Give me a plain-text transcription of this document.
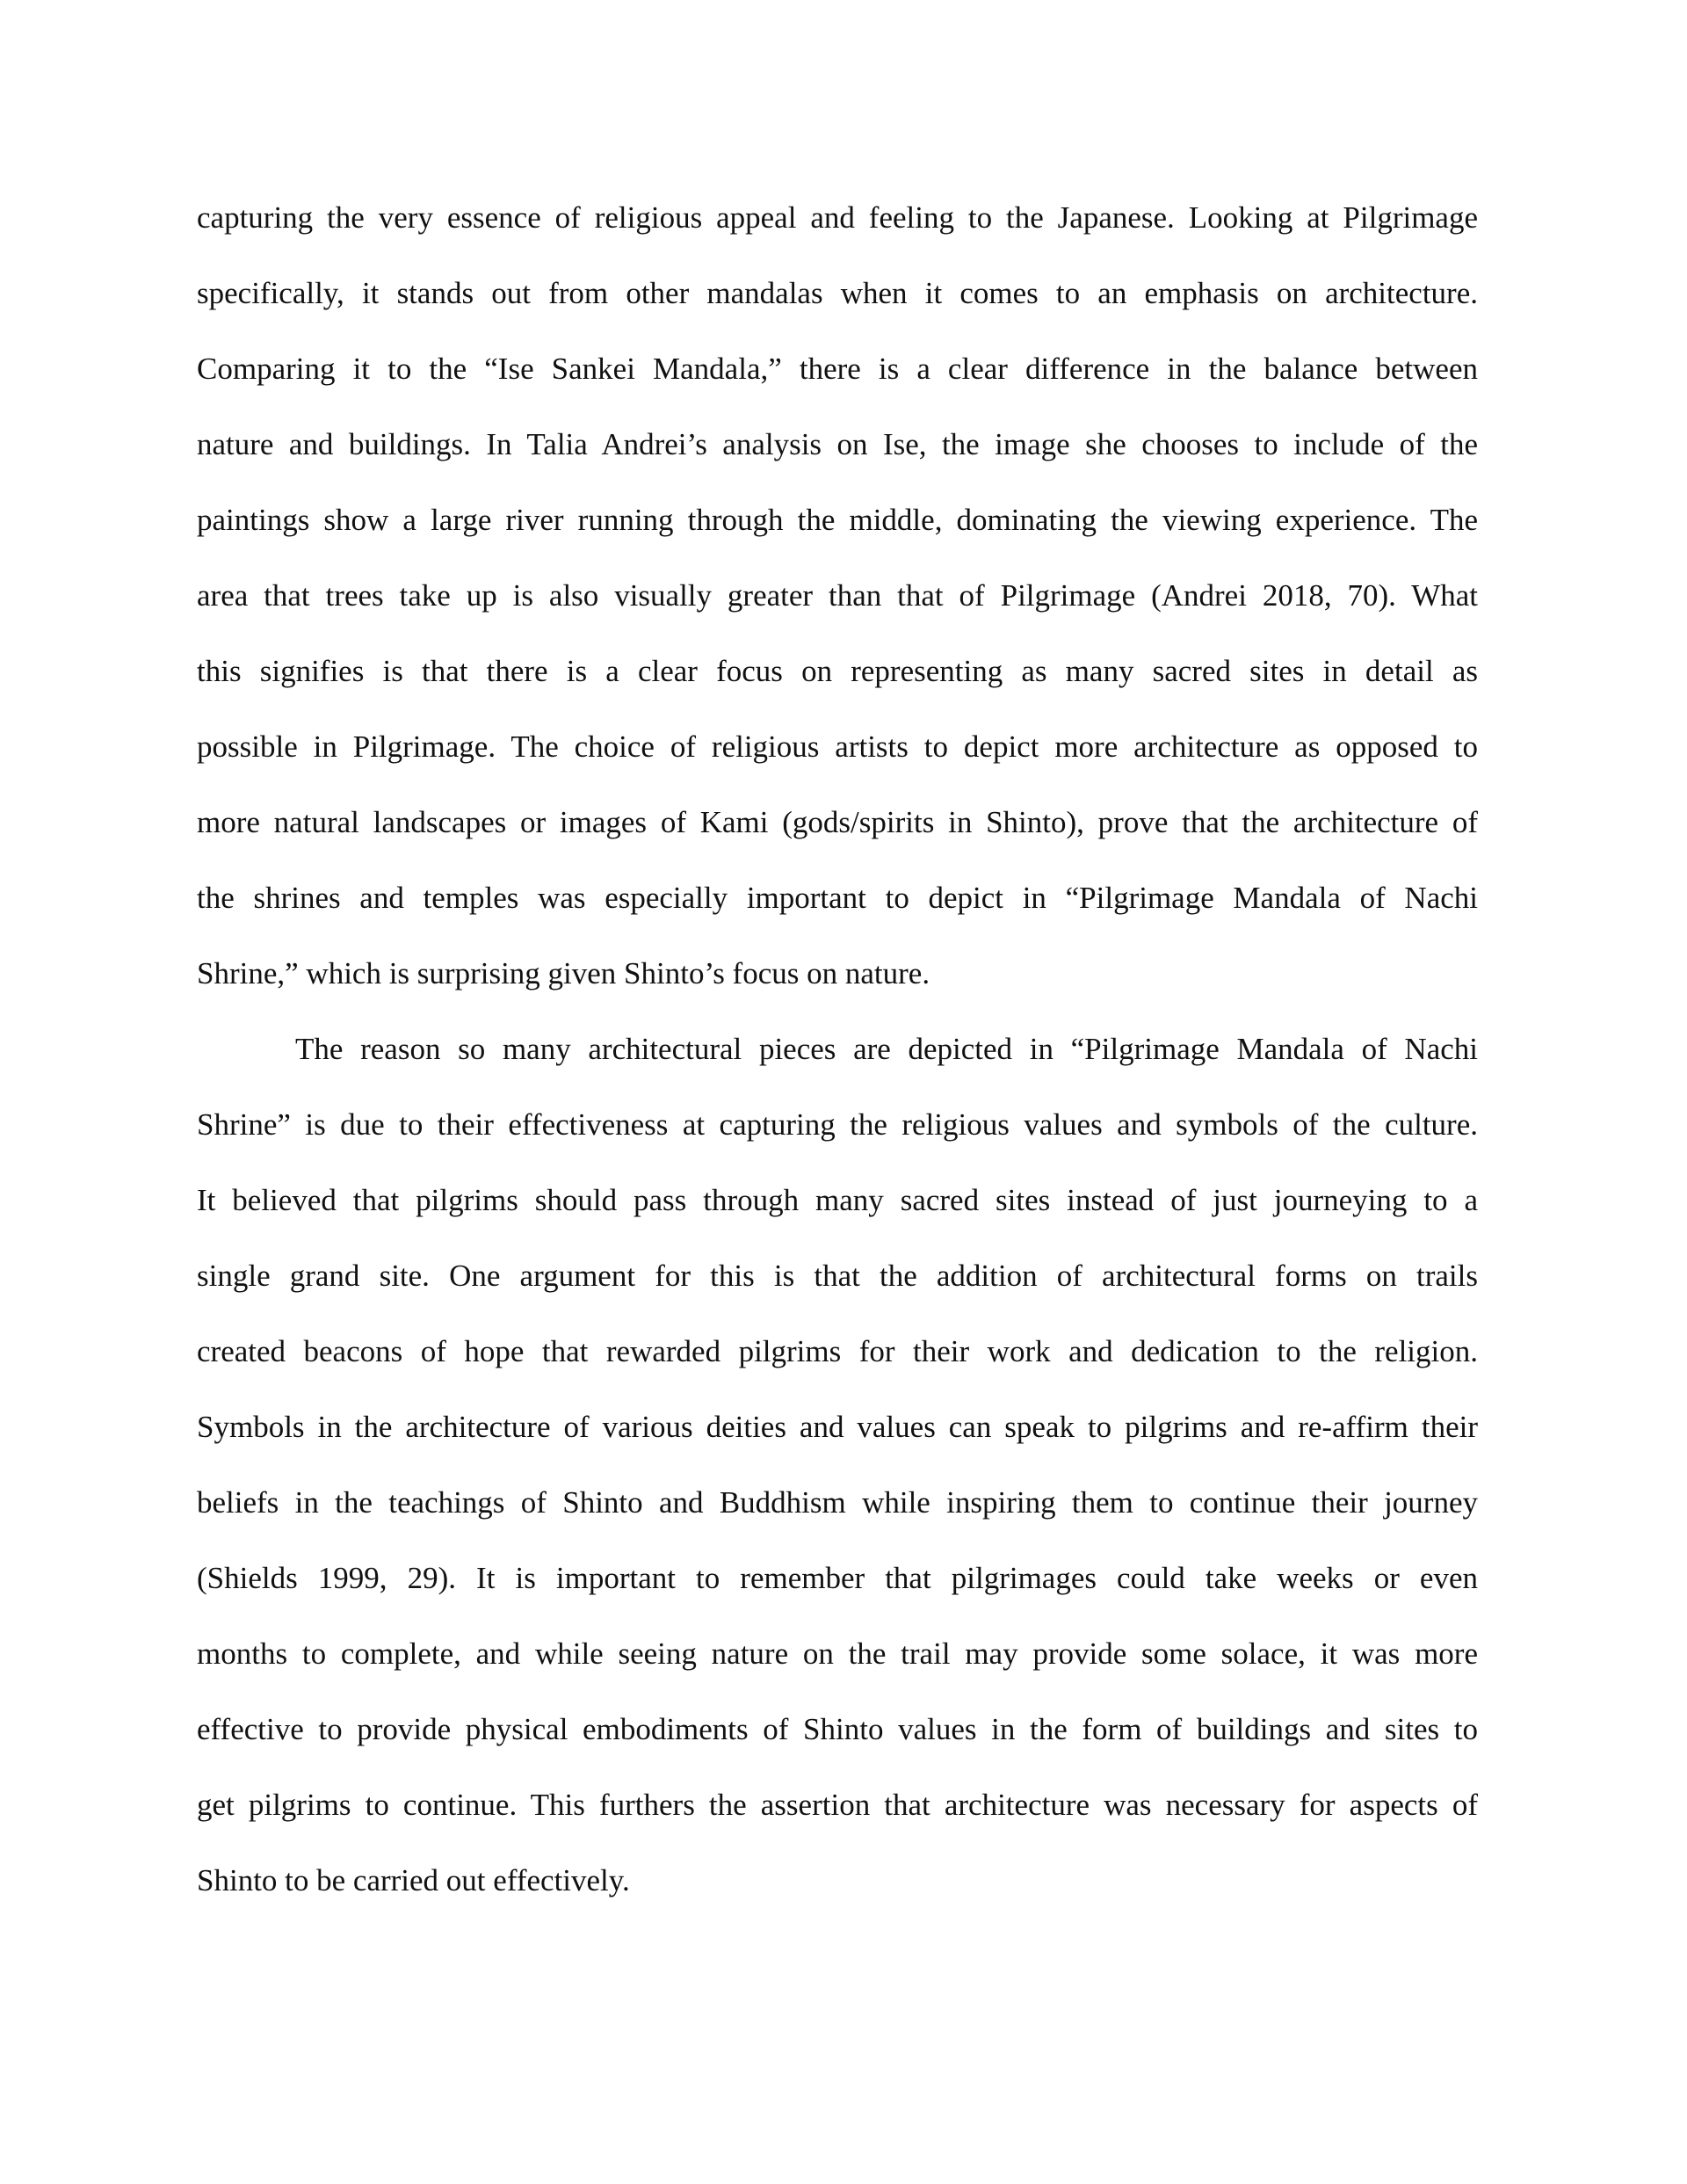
capturing the very essence of religious appeal and feeling to the Japanese. Looking at Pilgrimage
specifically, it stands out from other mandalas when it comes to an emphasis on architecture.
Comparing it to the “Ise Sankei Mandala,” there is a clear difference in the balance between
nature and buildings. In Talia Andrei’s analysis on Ise, the image she chooses to include of the
paintings show a large river running through the middle, dominating the viewing experience. The
area that trees take up is also visually greater than that of Pilgrimage (Andrei 2018, 70). What
this signifies is that there is a clear focus on representing as many sacred sites in detail as
possible in Pilgrimage. The choice of religious artists to depict more architecture as opposed to
more natural landscapes or images of Kami (gods/spirits in Shinto), prove that the architecture of
the shrines and temples was especially important to depict in “Pilgrimage Mandala of Nachi
Shrine,” which is surprising given Shinto’s focus on nature.
The reason so many architectural pieces are depicted in “Pilgrimage Mandala of Nachi
Shrine” is due to their effectiveness at capturing the religious values and symbols of the culture.
It believed that pilgrims should pass through many sacred sites instead of just journeying to a
single grand site. One argument for this is that the addition of architectural forms on trails
created beacons of hope that rewarded pilgrims for their work and dedication to the religion.
Symbols in the architecture of various deities and values can speak to pilgrims and re-affirm their
beliefs in the teachings of Shinto and Buddhism while inspiring them to continue their journey
(Shields 1999, 29). It is important to remember that pilgrimages could take weeks or even
months to complete, and while seeing nature on the trail may provide some solace, it was more
effective to provide physical embodiments of Shinto values in the form of buildings and sites to
get pilgrims to continue. This furthers the assertion that architecture was necessary for aspects of
Shinto to be carried out effectively.
